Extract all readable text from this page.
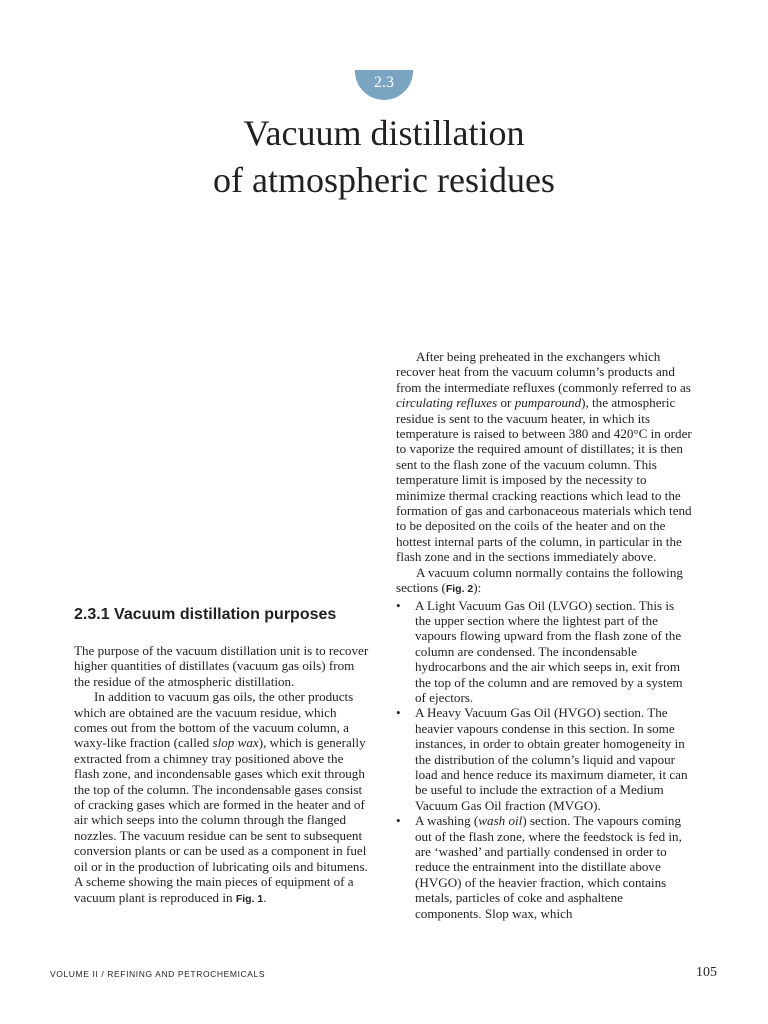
2.3
Vacuum distillation
of atmospheric residues
2.3.1 Vacuum distillation purposes

The purpose of the vacuum distillation unit is to recover higher quantities of distillates (vacuum gas oils) from the residue of the atmospheric distillation.

In addition to vacuum gas oils, the other products which are obtained are the vacuum residue, which comes out from the bottom of the vacuum column, a waxy-like fraction (called slop wax), which is generally extracted from a chimney tray positioned above the flash zone, and incondensable gases which exit through the top of the column. The incondensable gases consist of cracking gases which are formed in the heater and of air which seeps into the column through the flanged nozzles. The vacuum residue can be sent to subsequent conversion plants or can be used as a component in fuel oil or in the production of lubricating oils and bitumens. A scheme showing the main pieces of equipment of a vacuum plant is reproduced in Fig. 1.

After being preheated in the exchangers which recover heat from the vacuum column’s products and from the intermediate refluxes (commonly referred to as circulating refluxes or pumparound), the atmospheric residue is sent to the vacuum heater, in which its temperature is raised to between 380 and 420°C in order to vaporize the required amount of distillates; it is then sent to the flash zone of the vacuum column. This temperature limit is imposed by the necessity to minimize thermal cracking reactions which lead to the formation of gas and carbonaceous materials which tend to be deposited on the coils of the heater and on the hottest internal parts of the column, in particular in the flash zone and in the sections immediately above.

A vacuum column normally contains the following sections (Fig. 2):

• A Light Vacuum Gas Oil (LVGO) section. This is the upper section where the lightest part of the vapours flowing upward from the flash zone of the column are condensed. The incondensable hydrocarbons and the air which seeps in, exit from the top of the column and are removed by a system of ejectors.
• A Heavy Vacuum Gas Oil (HVGO) section. The heavier vapours condense in this section. In some instances, in order to obtain greater homogeneity in the distribution of the column’s liquid and vapour load and hence reduce its maximum diameter, it can be useful to include the extraction of a Medium Vacuum Gas Oil fraction (MVGO).
• A washing (wash oil) section. The vapours coming out of the flash zone, where the feedstock is fed in, are ‘washed’ and partially condensed in order to reduce the entrainment into the distillate above (HVGO) of the heavier fraction, which contains metals, particles of coke and asphaltene components. Slop wax, which
VOLUME II / REFINING AND PETROCHEMICALS	105
